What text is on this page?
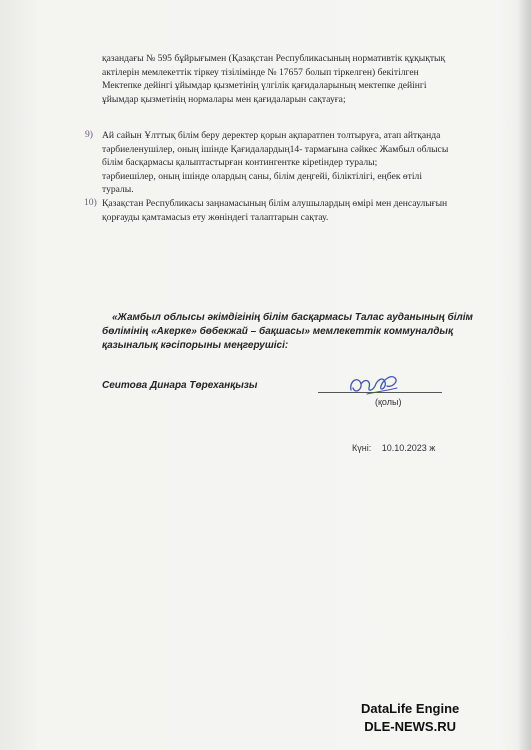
қазандағы № 595 бұйрығымен (Қазақстан Республикасының нормативтік құқықтық
актілерін мемлекеттік тіркеу тізілімінде № 17657 болып тіркелген) бекітілген
Мектепке дейінгі ұйымдар қызметінің үлгілік қағидаларының мектепке дейінгі
ұйымдар қызметінің нормалары мен қағидаларын сақтауға;
9) Ай сайын Ұлттық білім беру деректер қорын ақпаратпен толтыруға, атап айтқанда
тәрбиеленушілер, оның ішінде Қағидалардың14- тармағына сәйкес Жамбыл облысы
білім басқармасы қалыптастырған контингентке кірetiндер туралы;
тәрбиешілер, оның ішінде олардың саны, білім деңгейі, біліктілігі, еңбек өтілі
туралы.
10) Қазақстан Республикасы заңнамасының білім алушылардың өмірі мен денсаулығын
қорғауды қамтамасыз ету жөніндегі талаптарын сақтау.
«Жамбыл облысы әкімдігінің білім басқармасы Талас ауданының білім
бөлімінің «Акерке» бөбекжай – бақшасы» мемлекеттік коммуналдық
қазыналық кәсіпорыны меңгерушісі:
Сеитова Динара Төреханқызы
(қолы)
Күні: 10.10.2023 ж
DataLife Engine
DLE-NEWS.RU
